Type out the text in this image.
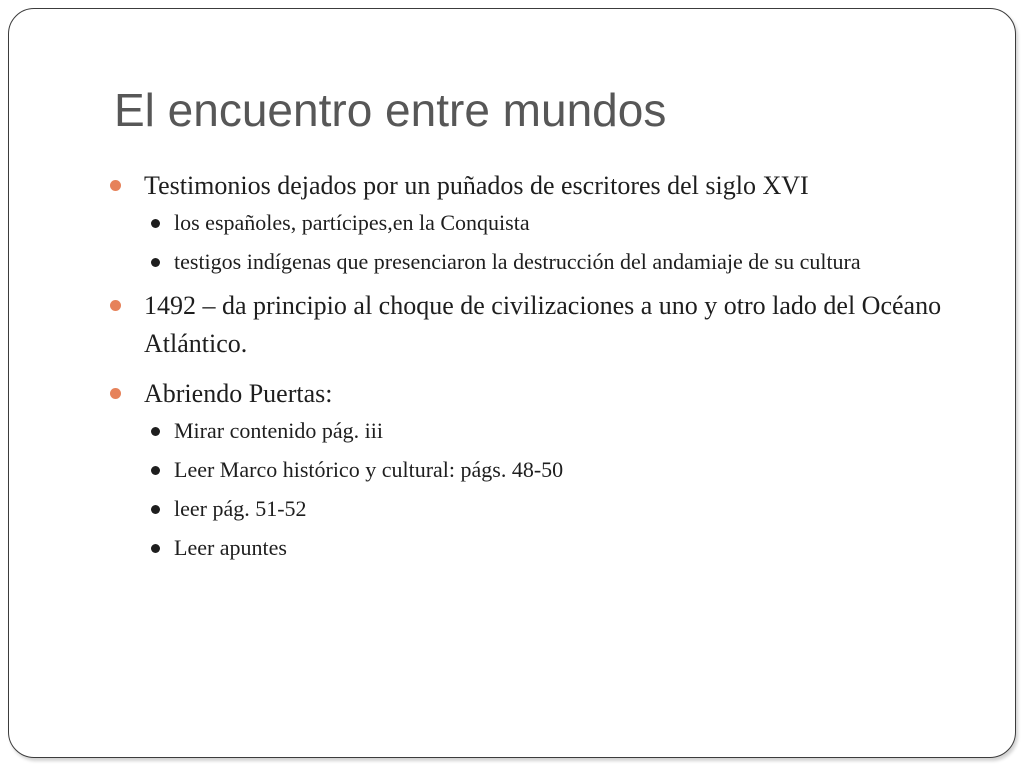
El encuentro entre mundos
Testimonios dejados por un puñados de escritores del siglo XVI
los españoles, partícipes,en la Conquista
testigos indígenas que presenciaron la destrucción del andamiaje de su cultura
1492 – da principio al choque de civilizaciones a uno y otro lado del Océano Atlántico.
Abriendo Puertas:
Mirar contenido pág. iii
Leer Marco histórico y cultural: págs. 48-50
leer pág. 51-52
Leer apuntes
